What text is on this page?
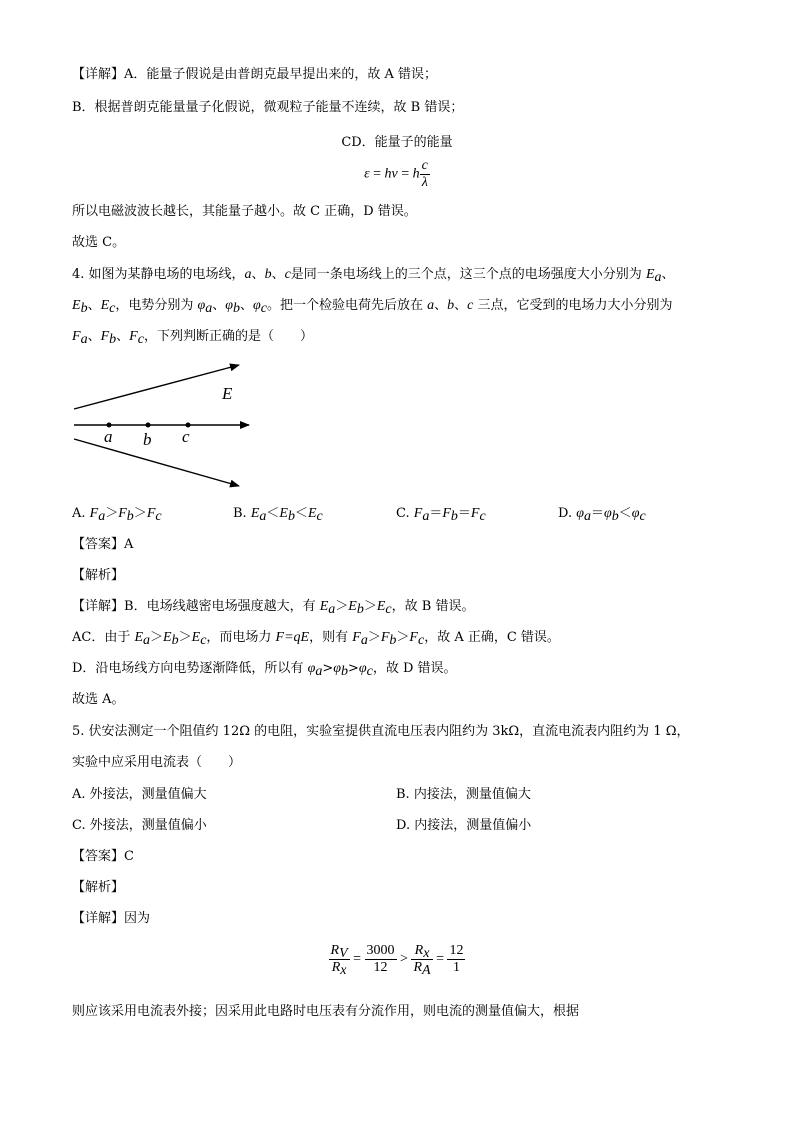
【详解】A．能量子假说是由普朗克最早提出来的，故 A 错误；
B．根据普朗克能量量子化假说，微观粒子能量不连续，故 B 错误；
CD．能量子的能量
ε = hν = h $\frac{c}{\lambda}$
所以电磁波波长越长，其能量子越小。故 C 正确，D 错误。
故选 C。
4. 如图为某静电场的电场线，a、b、c是同一条电场线上的三个点，这三个点的电场强度大小分别为 $E_a$、
$E_b$、$E_c$，电势分别为 $\varphi_a$、$\varphi_b$、$\varphi_c$。把一个检验电荷先后放在 a、b、c 三点，它受到的电场力大小分别为
$F_a$、$F_b$、$F_c$，下列判断正确的是（　　）
E
a b c
A. $F_a>F_b>F_c$	B. $E_a<E_b<E_c$	C. $F_a=F_b=F_c$	D. $\varphi_a=\varphi_b<\varphi_c$
【答案】A
【解析】
【详解】B．电场线越密电场强度越大，有 $E_a>E_b>E_c$，故 B 错误。
AC．由于 $E_a>E_b>E_c$，而电场力 F=qE，则有 $F_a>F_b>F_c$，故 A 正确，C 错误。
D．沿电场线方向电势逐渐降低，所以有 $\varphi_a>\varphi_b>\varphi_c$，故 D 错误。
故选 A。
5. 伏安法测定一个阻值约 12Ω 的电阻，实验室提供直流电压表内阻约为 3kΩ，直流电流表内阻约为 1 Ω，
实验中应采用电流表（　　）
A. 外接法，测量值偏大	B. 内接法，测量值偏大
C. 外接法，测量值偏小	D. 内接法，测量值偏小
【答案】C
【解析】
【详解】因为
$\frac{R_V}{R_x} = \frac{3000}{12} > \frac{R_x}{R_A} = \frac{12}{1}$
则应该采用电流表外接；因采用此电路时电压表有分流作用，则电流的测量值偏大，根据
